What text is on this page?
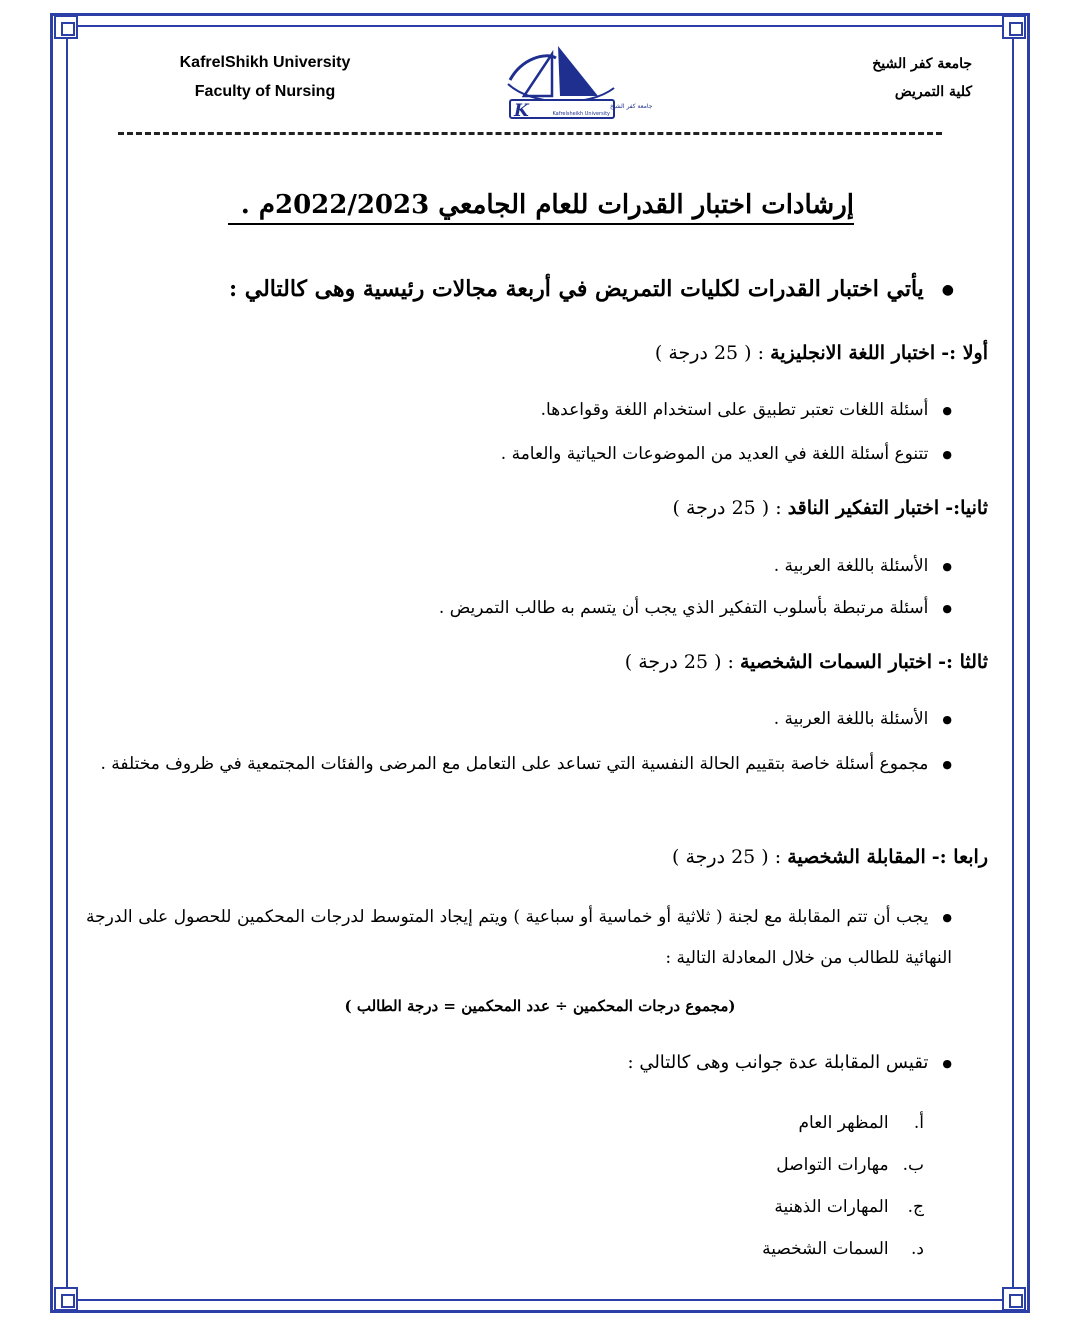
KafrelShikh University
Faculty of Nursing
K	جامعة كفر الشيخ
Kafrelsheikh University
جامعة كفر الشيخ
كلية التمريض
إرشادات اختبار القدرات للعام الجامعي 2022/2023م .
● يأتي اختبار القدرات لكليات التمريض في أربعة مجالات رئيسية وهى كالتالي :
أولا :- اختبار اللغة الانجليزية : ( 25 درجة )
● أسئلة اللغات تعتبر تطبيق على استخدام اللغة وقواعدها.
● تتنوع أسئلة اللغة في العديد من الموضوعات الحياتية والعامة .
ثانيا:- اختبار التفكير الناقد : ( 25 درجة )
● الأسئلة باللغة العربية .
● أسئلة مرتبطة بأسلوب التفكير الذي يجب أن يتسم به طالب التمريض .
ثالثا :- اختبار السمات الشخصية : ( 25 درجة )
● الأسئلة باللغة العربية .
● مجموع أسئلة خاصة بتقييم الحالة النفسية التي تساعد على التعامل مع المرضى والفئات المجتمعية في ظروف مختلفة .
رابعا :- المقابلة الشخصية : ( 25 درجة )
● يجب أن تتم المقابلة مع لجنة ( ثلاثية أو خماسية أو سباعية ) ويتم إيجاد المتوسط لدرجات المحكمين للحصول على الدرجة النهائية للطالب من خلال المعادلة التالية :
(مجموع درجات المحكمين ÷ عدد المحكمين = درجة الطالب )
● تقيس المقابلة عدة جوانب وهى كالتالي :
أ. المظهر العام
ب. مهارات التواصل
ج. المهارات الذهنية
د. السمات الشخصية
